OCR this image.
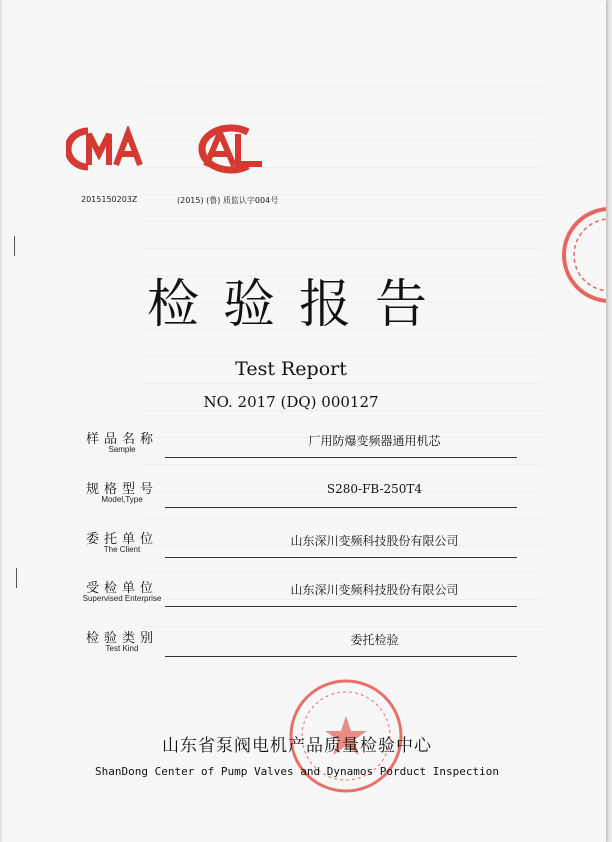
2015150203Z	(2015) (鲁) 质监认字004号
检验报告
Test Report
NO. 2017 (DQ) 000127
样品名称
Sample
厂用防爆变频器通用机芯
规格型号
Model,Type
S280-FB-250T4
委托单位
The Client
山东深川变频科技股份有限公司
受检单位
Supervised Enterprise
山东深川变频科技股份有限公司
检验类别
Test Kind
委托检验
山东省泵阀电机产品质量检验中心
ShanDong Center of Pump Valves and Dynamos Porduct Inspection
